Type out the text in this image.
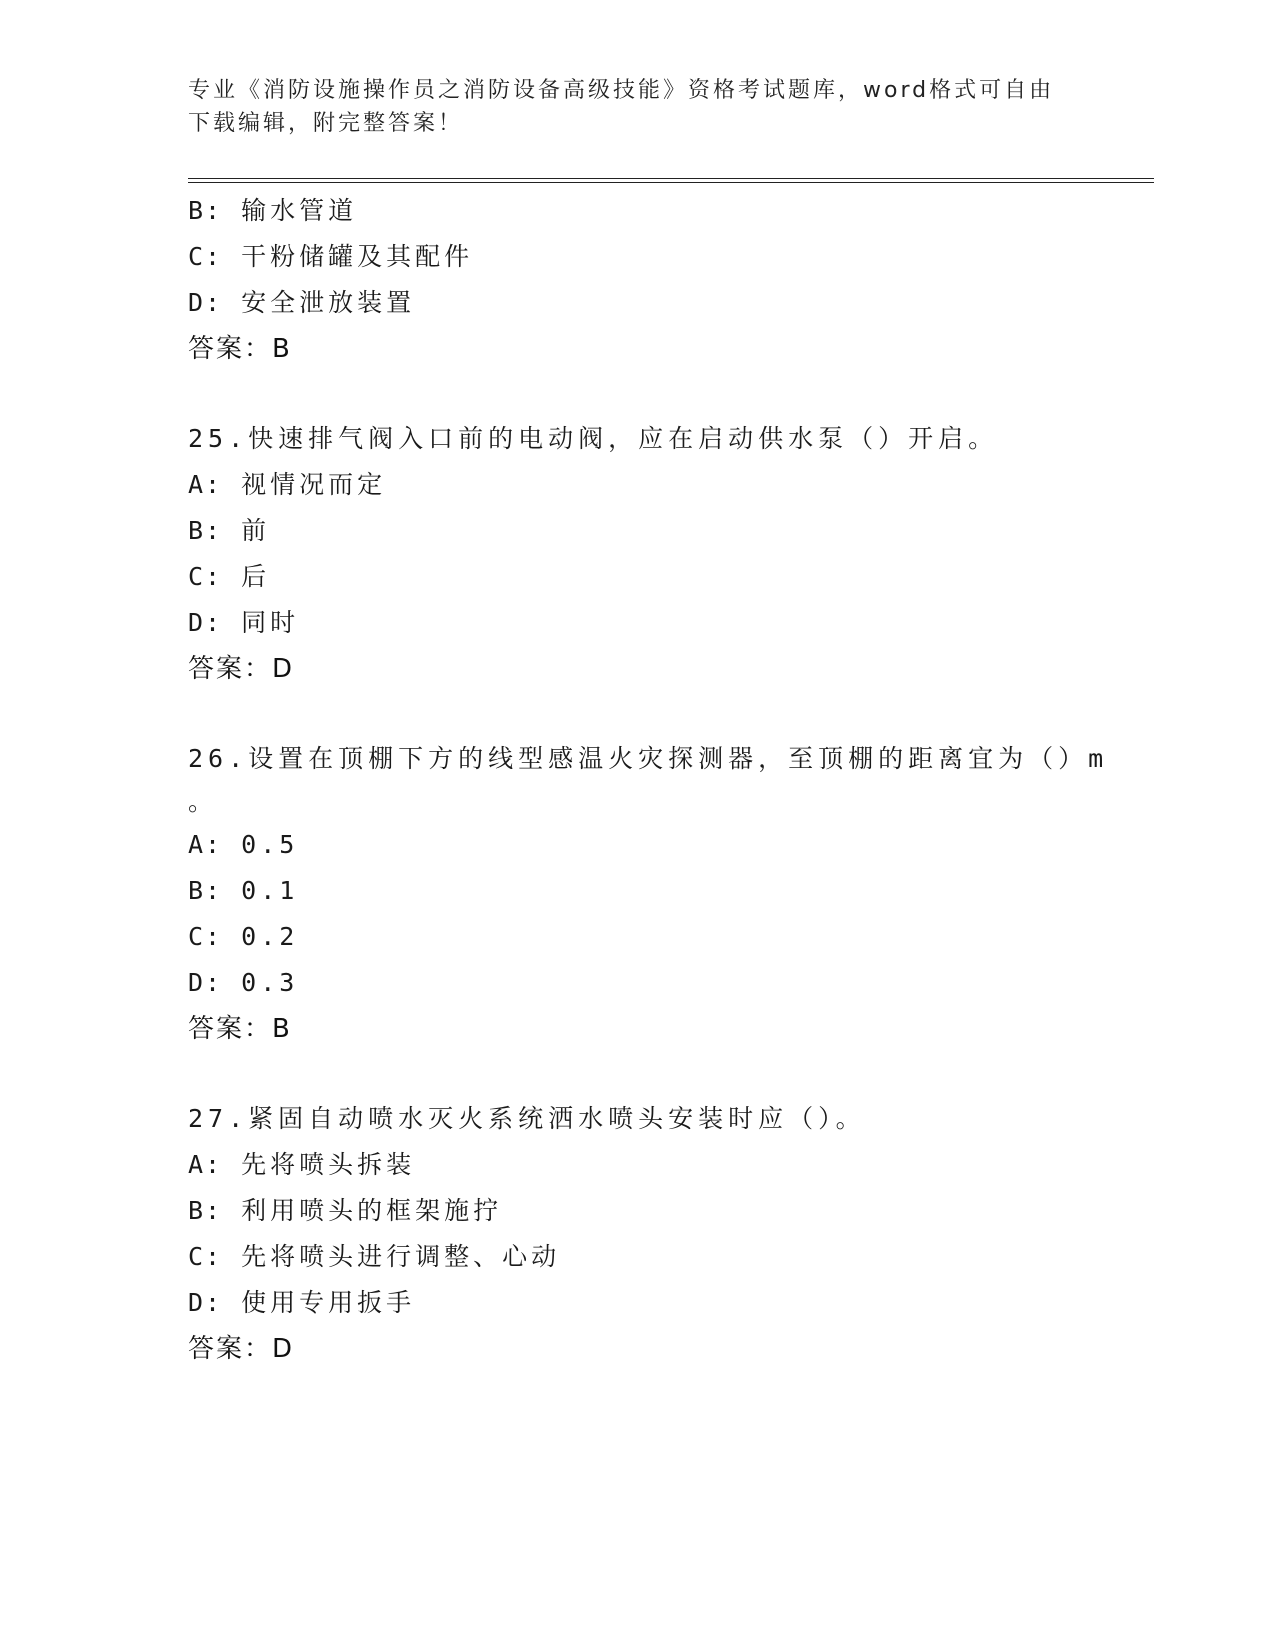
专业《消防设施操作员之消防设备高级技能》资格考试题库，word格式可自由下载编辑，附完整答案！
B: 输水管道
C: 干粉储罐及其配件
D: 安全泄放装置
答案：B
25.快速排气阀入口前的电动阀，应在启动供水泵（）开启。
A: 视情况而定
B: 前
C: 后
D: 同时
答案：D
26.设置在顶棚下方的线型感温火灾探测器，至顶棚的距离宜为（）m
。
A: 0.5
B: 0.1
C: 0.2
D: 0.3
答案：B
27.紧固自动喷水灭火系统洒水喷头安装时应（）。
A: 先将喷头拆装
B: 利用喷头的框架施拧
C: 先将喷头进行调整、心动
D: 使用专用扳手
答案：D
